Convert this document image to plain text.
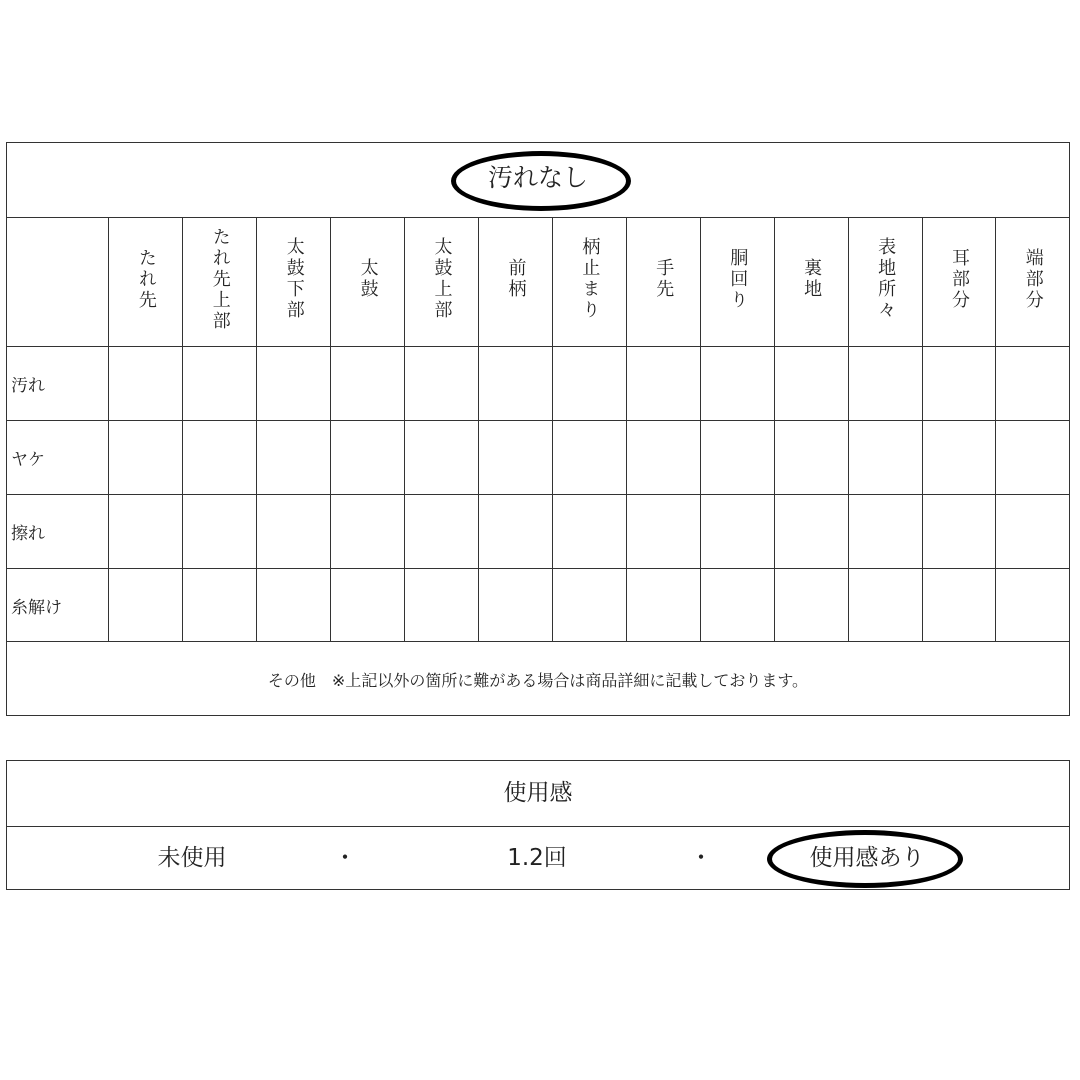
汚れなし
	たれ先	たれ先上部	太鼓下部	太鼓	太鼓上部	前柄	柄止まり	手先	胴回り	裏地	表地所々	耳部分	端部分
汚れ													
ヤケ													
擦れ													
糸解け													
その他　※上記以外の箇所に難がある場合は商品詳細に記載しております。
使用感
未使用	・	1.2回	・	使用感あり
